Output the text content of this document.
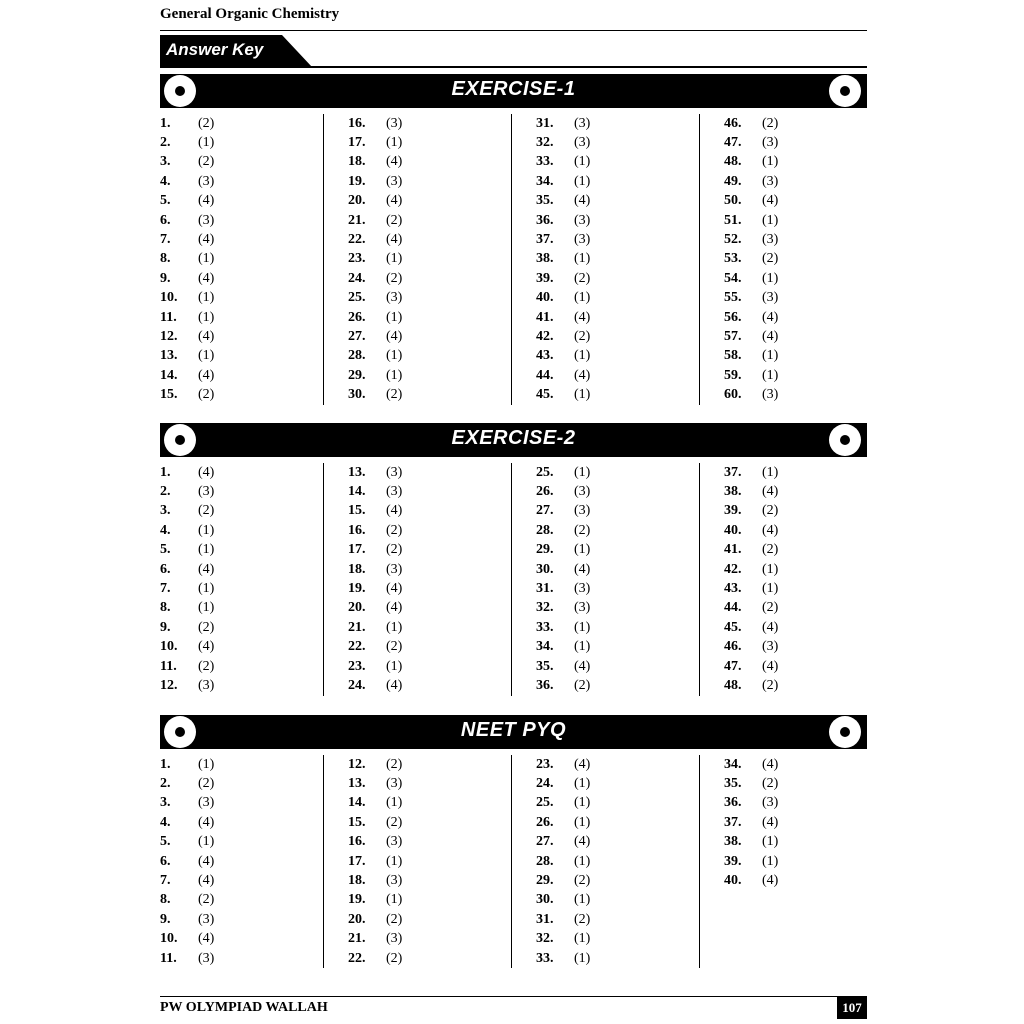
General Organic Chemistry
Answer Key
EXERCISE-1
1.	(2)
2.	(1)
3.	(2)
4.	(3)
5.	(4)
6.	(3)
7.	(4)
8.	(1)
9.	(4)
10.	(1)
11.	(1)
12.	(4)
13.	(1)
14.	(4)
15.	(2)
16.	(3)
17.	(1)
18.	(4)
19.	(3)
20.	(4)
21.	(2)
22.	(4)
23.	(1)
24.	(2)
25.	(3)
26.	(1)
27.	(4)
28.	(1)
29.	(1)
30.	(2)
31.	(3)
32.	(3)
33.	(1)
34.	(1)
35.	(4)
36.	(3)
37.	(3)
38.	(1)
39.	(2)
40.	(1)
41.	(4)
42.	(2)
43.	(1)
44.	(4)
45.	(1)
46.	(2)
47.	(3)
48.	(1)
49.	(3)
50.	(4)
51.	(1)
52.	(3)
53.	(2)
54.	(1)
55.	(3)
56.	(4)
57.	(4)
58.	(1)
59.	(1)
60.	(3)
EXERCISE-2
1.	(4)
2.	(3)
3.	(2)
4.	(1)
5.	(1)
6.	(4)
7.	(1)
8.	(1)
9.	(2)
10.	(4)
11.	(2)
12.	(3)
13.	(3)
14.	(3)
15.	(4)
16.	(2)
17.	(2)
18.	(3)
19.	(4)
20.	(4)
21.	(1)
22.	(2)
23.	(1)
24.	(4)
25.	(1)
26.	(3)
27.	(3)
28.	(2)
29.	(1)
30.	(4)
31.	(3)
32.	(3)
33.	(1)
34.	(1)
35.	(4)
36.	(2)
37.	(1)
38.	(4)
39.	(2)
40.	(4)
41.	(2)
42.	(1)
43.	(1)
44.	(2)
45.	(4)
46.	(3)
47.	(4)
48.	(2)
NEET PYQ
1.	(1)
2.	(2)
3.	(3)
4.	(4)
5.	(1)
6.	(4)
7.	(4)
8.	(2)
9.	(3)
10.	(4)
11.	(3)
12.	(2)
13.	(3)
14.	(1)
15.	(2)
16.	(3)
17.	(1)
18.	(3)
19.	(1)
20.	(2)
21.	(3)
22.	(2)
23.	(4)
24.	(1)
25.	(1)
26.	(1)
27.	(4)
28.	(1)
29.	(2)
30.	(1)
31.	(2)
32.	(1)
33.	(1)
34.	(4)
35.	(2)
36.	(3)
37.	(4)
38.	(1)
39.	(1)
40.	(4)
PW OLYMPIAD WALLAH	107
